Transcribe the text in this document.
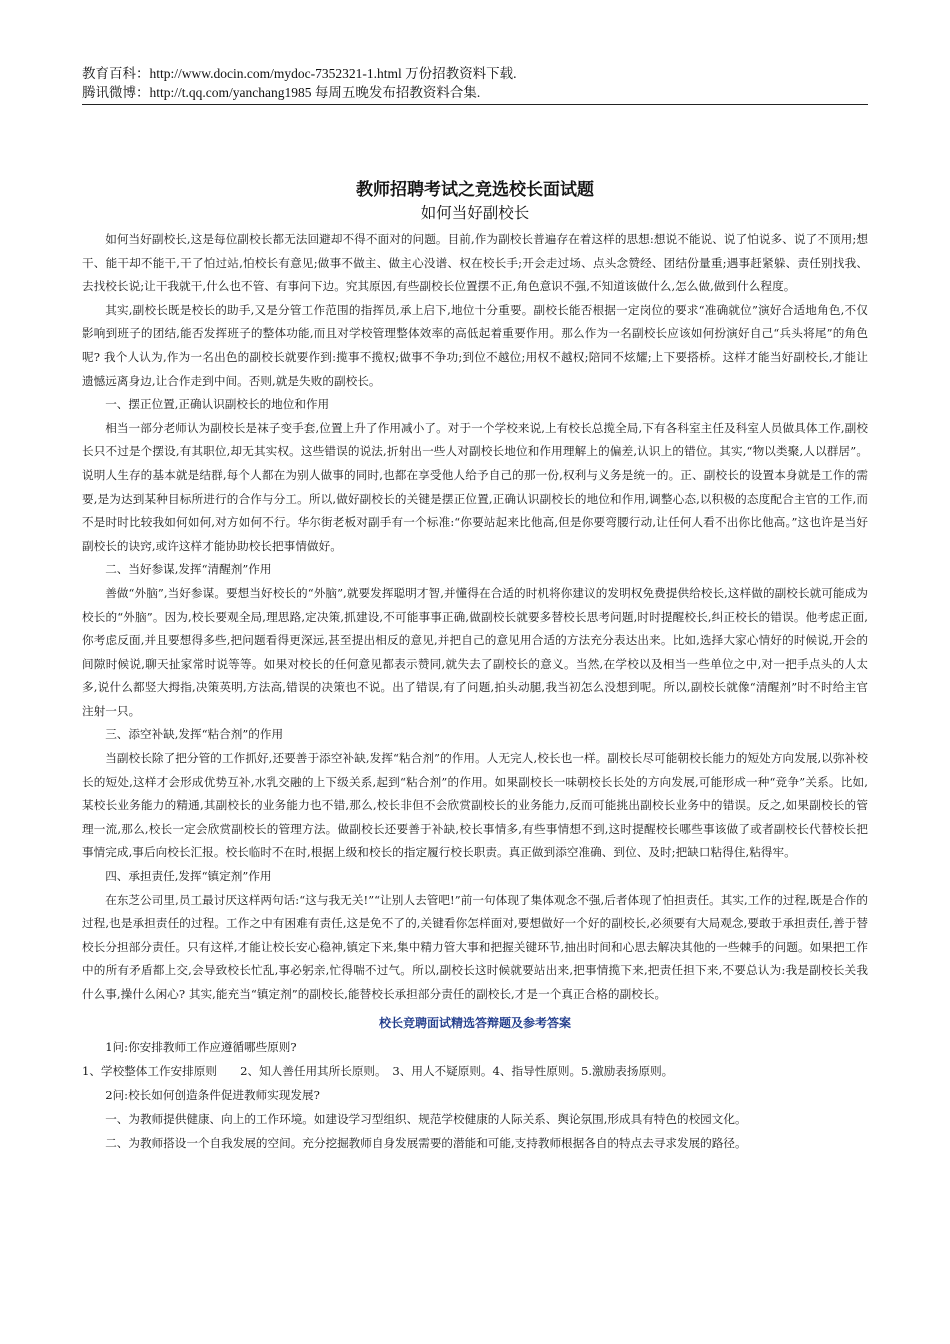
教育百科：http://www.docin.com/mydoc-7352321-1.html 万份招教资料下载.
腾讯微博：http://t.qq.com/yanchang1985 每周五晚发布招教资料合集.

教师招聘考试之竞选校长面试题

如何当好副校长

如何当好副校长,这是每位副校长都无法回避却不得不面对的问题。目前,作为副校长普遍存在着这样的思想:想说不能说、说了怕说多、说了不顶用;想干、能干却不能干,干了怕过站,怕校长有意见;做事不做主、做主心没谱、权在校长手;开会走过场、点头念赞经、团结份量重;遇事赶紧躲、责任别找我、去找校长说;让干我就干,什么也不管、有事问下边。究其原因,有些副校长位置摆不正,角色意识不强,不知道该做什么,怎么做,做到什么程度。

其实,副校长既是校长的助手,又是分管工作范围的指挥员,承上启下,地位十分重要。副校长能否根据一定岗位的要求“准确就位”演好合适地角色,不仅影响到班子的团结,能否发挥班子的整体功能,而且对学校管理整体效率的高低起着重要作用。那么作为一名副校长应该如何扮演好自己“兵头将尾”的角色呢? 我个人认为,作为一名出色的副校长就要作到:揽事不揽权;做事不争功;到位不越位;用权不越权;陪同不炫耀;上下要搭桥。这样才能当好副校长,才能让遗憾远离身边,让合作走到中间。否则,就是失败的副校长。

一、摆正位置,正确认识副校长的地位和作用

相当一部分老师认为副校长是袜子变手套,位置上升了作用减小了。对于一个学校来说,上有校长总揽全局,下有各科室主任及科室人员做具体工作,副校长只不过是个摆设,有其职位,却无其实权。这些错误的说法,折射出一些人对副校长地位和作用理解上的偏差,认识上的错位。其实,“物以类聚,人以群居”。说明人生存的基本就是结群,每个人都在为别人做事的同时,也都在享受他人给予自己的那一份,权利与义务是统一的。正、副校长的设置本身就是工作的需要,是为达到某种目标所进行的合作与分工。所以,做好副校长的关键是摆正位置,正确认识副校长的地位和作用,调整心态,以积极的态度配合主官的工作,而不是时时比较我如何如何,对方如何不行。华尔街老板对副手有一个标准:“你要站起来比他高,但是你要弯腰行动,让任何人看不出你比他高。”这也许是当好副校长的诀窍,或许这样才能协助校长把事情做好。

二、当好参谋,发挥“清醒剂”作用

善做“外脑”,当好参谋。要想当好校长的“外脑”,就要发挥聪明才智,并懂得在合适的时机将你建议的发明权免费提供给校长,这样做的副校长就可能成为校长的“外脑”。因为,校长要观全局,理思路,定决策,抓建设,不可能事事正确,做副校长就要多替校长思考问题,时时提醒校长,纠正校长的错误。他考虑正面,你考虑反面,并且要想得多些,把问题看得更深远,甚至提出相反的意见,并把自己的意见用合适的方法充分表达出来。比如,选择大家心情好的时候说,开会的间隙时候说,聊天扯家常时说等等。如果对校长的任何意见都表示赞同,就失去了副校长的意义。当然,在学校以及相当一些单位之中,对一把手点头的人太多,说什么都竖大拇指,决策英明,方法高,错误的决策也不说。出了错误,有了问题,拍头动腿,我当初怎么没想到呢。所以,副校长就像“清醒剂”时不时给主官注射一只。

三、添空补缺,发挥“粘合剂”的作用

当副校长除了把分管的工作抓好,还要善于添空补缺,发挥“粘合剂”的作用。人无完人,校长也一样。副校长尽可能朝校长能力的短处方向发展,以弥补校长的短处,这样才会形成优势互补,水乳交融的上下级关系,起到“粘合剂”的作用。如果副校长一味朝校长长处的方向发展,可能形成一种“竞争”关系。比如,某校长业务能力的精通,其副校长的业务能力也不错,那么,校长非但不会欣赏副校长的业务能力,反而可能挑出副校长业务中的错误。反之,如果副校长的管理一流,那么,校长一定会欣赏副校长的管理方法。做副校长还要善于补缺,校长事情多,有些事情想不到,这时提醒校长哪些事该做了或者副校长代替校长把事情完成,事后向校长汇报。校长临时不在时,根据上级和校长的指定履行校长职责。真正做到添空准确、到位、及时;把缺口粘得住,粘得牢。

四、承担责任,发挥“镇定剂”作用

在东芝公司里,员工最讨厌这样两句话:“这与我无关!”“让别人去管吧!”前一句体现了集体观念不强,后者体现了怕担责任。其实,工作的过程,既是合作的过程,也是承担责任的过程。工作之中有困难有责任,这是免不了的,关键看你怎样面对,要想做好一个好的副校长,必须要有大局观念,要敢于承担责任,善于替校长分担部分责任。只有这样,才能让校长安心稳神,镇定下来,集中精力管大事和把握关键环节,抽出时间和心思去解决其他的一些棘手的问题。如果把工作中的所有矛盾都上交,会导致校长忙乱,事必躬亲,忙得喘不过气。所以,副校长这时候就要站出来,把事情揽下来,把责任担下来,不要总认为:我是副校长关我什么事,操什么闲心? 其实,能充当“镇定剂”的副校长,能替校长承担部分责任的副校长,才是一个真正合格的副校长。

校长竞聘面试精选答辩题及参考答案

1问:你安排教师工作应遵循哪些原则?

1、学校整体工作安排原则　　2、知人善任用其所长原则。　3、用人不疑原则。4、指导性原则。5.激励表扬原则。

2问:校长如何创造条件促进教师实现发展?

一、为教师提供健康、向上的工作环境。如建设学习型组织、规范学校健康的人际关系、舆论氛围,形成具有特色的校园文化。

二、为教师搭设一个自我发展的空间。充分挖掘教师自身发展需要的潜能和可能,支持教师根据各自的特点去寻求发展的路径。
